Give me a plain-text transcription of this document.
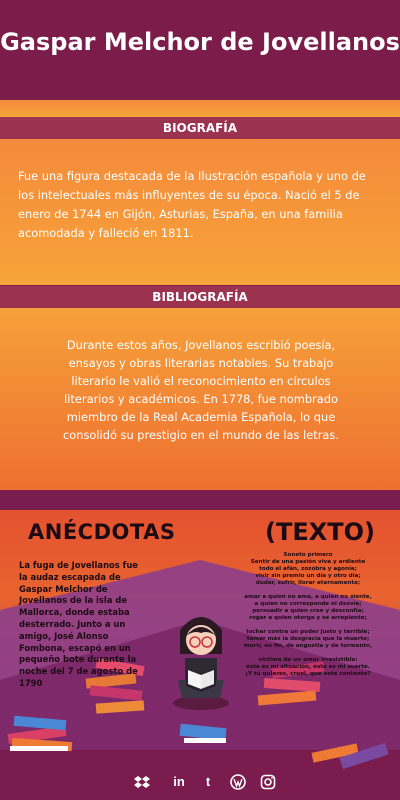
Gaspar Melchor de Jovellanos
BIOGRAFÍA
Fue una figura destacada de la Ilustración española y uno de los intelectuales más influyentes de su época. Nació el 5 de enero de 1744 en Gijón, Asturias, España, en una familia acomodada y falleció en 1811.
BIBLIOGRAFÍA
Durante estos años, Jovellanos escribió poesía, ensayos y obras literarias notables. Su trabajo literario le valió el reconocimiento en círculos literarios y académicos. En 1778, fue nombrado miembro de la Real Academia Española, lo que consolidó su prestigio en el mundo de las letras.
ANÉCDOTAS	(TEXTO)
La fuga de Jovellanos fue la audaz escapada de Gaspar Melchor de Jovellanos de la isla de Mallorca, donde estaba desterrado. Junto a un amigo, José Alonso Fombona, escapó en un pequeño bote durante la noche del 7 de agosto de 1790
Soneto primero
Sentir de una pasión viva y ardiente
todo el afán, zozobra y agonía;
vivir sin premio un día y otro día;
dudar, sufrir, llorar eternamente;
amar a quien no ama, a quien no siente,
a quien no corresponde ni desvía;
persuadir a quien cree y desconfía;
rogar a quien otorga y se arrepiente;
luchar contra un poder justo y terrible;
temer más la desgracia que la muerte;
morir, en fin, de angustia y de tormento,
víctima de un amor irresistible:
ésta es mi situación, ésta es mi suerte.
¡Y tú quieres, cruel, que esté contento?
in	t
